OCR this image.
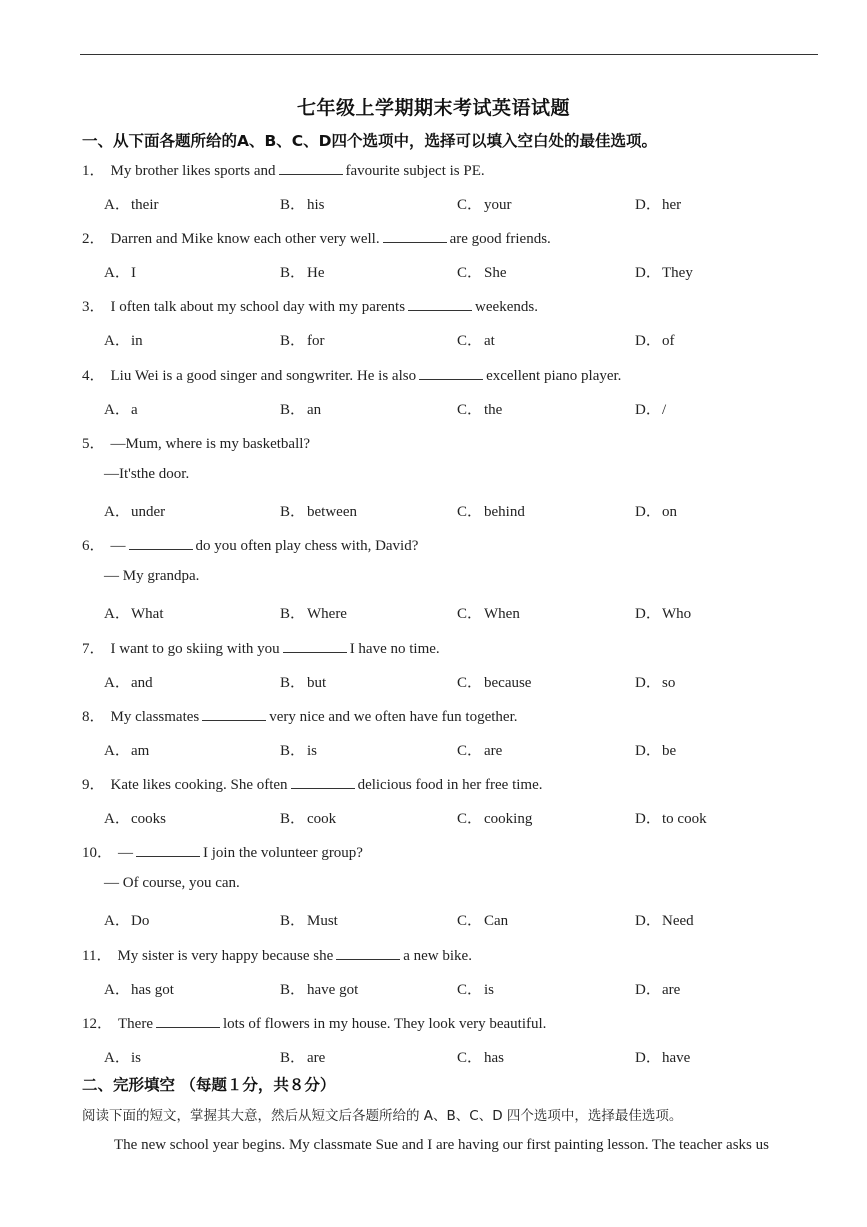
七年级上学期期末考试英语试题
一、从下面各题所给的A、B、C、D四个选项中，选择可以填入空白处的最佳选项。
1． My brother likes sports and	favourite subject is PE.
A．their	B． his	C． your	D．her
2． Darren and Mike know each other very well.	are good friends.
A．I	B． He	C． She	D．They
3． I often talk about my school day with my parents	weekends.
A．in	B． for	C． at	D．of
4． Liu Wei is a good singer and songwriter. He is also	excellent piano player.
A．a	B． an	C． the	D．/
5． —Mum, where is my basketball?
—It'sthe door.
A．under	B． between	C． behind	D．on
6． —	do you often play chess with, David?
— My grandpa.
A．What	B． Where	C． When	D．Who
7． I want to go skiing with you	I have no time.
A．and	B． but	C． because	D．so
8． My classmates	very nice and we often have fun together.
A．am	B． is	C． are	D．be
9． Kate likes cooking. She often	delicious food in her free time.
A．cooks	B． cook	C． cooking	D．to cook
10． —	I join the volunteer group?
— Of course, you can.
A．Do	B． Must	C． Can	D．Need
11． My sister is very happy because she	a new bike.
A．has got	B． have got	C． is	D．are
12． There	lots of flowers in my house. They look very beautiful.
A．is	B． are	C． has	D．have
二、完形填空 （每题１分，共８分）
阅读下面的短文，掌握其大意，然后从短文后各题所给的 A、B、C、D 四个选项中，选择最佳选项。
The new school year begins. My classmate Sue and I are having our first painting lesson. The teacher asks us
